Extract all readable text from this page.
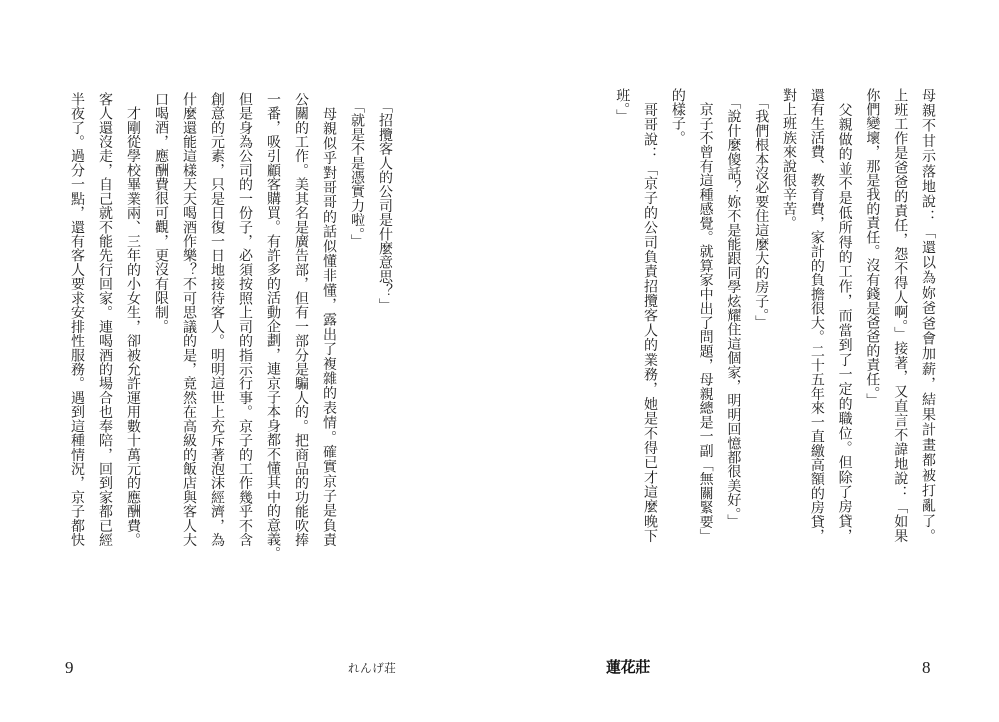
母親不甘示落地說：「還以為妳爸爸會加薪，結果計畫都被打亂了。
上班工作是爸爸的責任，怨不得人啊。」接著，又直言不諱地說：「如果
你們變壞，那是我的責任。沒有錢是爸爸的責任。」
　父親做的並不是低所得的工作，而當到了一定的職位。但除了房貸，
還有生活費、教育費，家計的負擔很大。二十五年來一直繳高額的房貸，
對上班族來說很辛苦。
　「我們根本沒必要住這麼大的房子。」
　「說什麼傻話？妳不是能跟同學炫耀住這個家，明明回憶都很美好。」
　京子不曾有這種感覺。就算家中出了問題，母親總是一副「無關緊要」
的樣子。
　哥哥說：「京子的公司負責招攬客人的業務，她是不得已才這麼晚下
班。」
　「招攬客人的公司是什麼意思？」
　「就是不是憑實力啦。」
　母親似乎對哥哥的話似懂非懂，露出了複雜的表情。確實京子是負責
公關的工作。美其名是廣告部，但有一部分是騙人的。把商品的功能吹捧
一番，吸引顧客購買。有許多的活動企劃，連京子本身都不懂其中的意義。
但是身為公司的一份子，必須按照上司的指示行事。京子的工作幾乎不含
創意的元素，只是日復一日地接待客人。明明這世上充斥著泡沫經濟，為
什麼還能這樣天天喝酒作樂？不可思議的是，竟然在高級的飯店與客人大
口喝酒，應酬費很可觀，更沒有限制。
　才剛從學校畢業兩、三年的小女生，卻被允許運用數十萬元的應酬費。
客人還沒走，自己就不能先行回家。連喝酒的場合也奉陪，回到家都已經
半夜了。過分一點，還有客人要求安排性服務。遇到這種情況，京子都快
9	れんげ荘	蓮花莊	8
